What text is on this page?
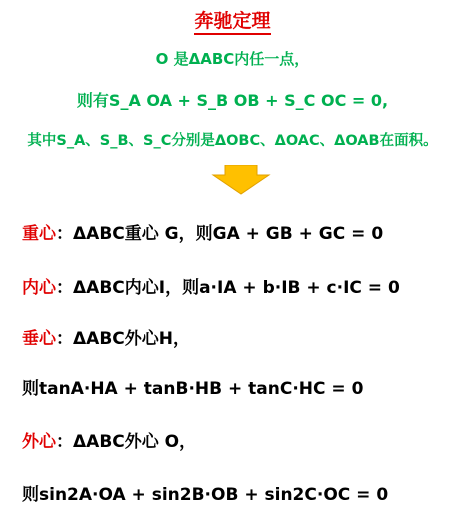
奔驰定理
O 是ΔABC内任一点，
则有S_A OA + S_B OB + S_C OC = 0,
其中S_A、S_B、S_C分别是ΔOBC、ΔOAC、ΔOAB在面积。
重心：ΔABC重心 G，则GA + GB + GC = 0
内心：ΔABC内心I，则a·IA + b·IB + c·IC = 0
垂心：ΔABC外心H，
则tanA·HA + tanB·HB + tanC·HC = 0
外心：ΔABC外心 O，
则sin2A·OA + sin2B·OB + sin2C·OC = 0
